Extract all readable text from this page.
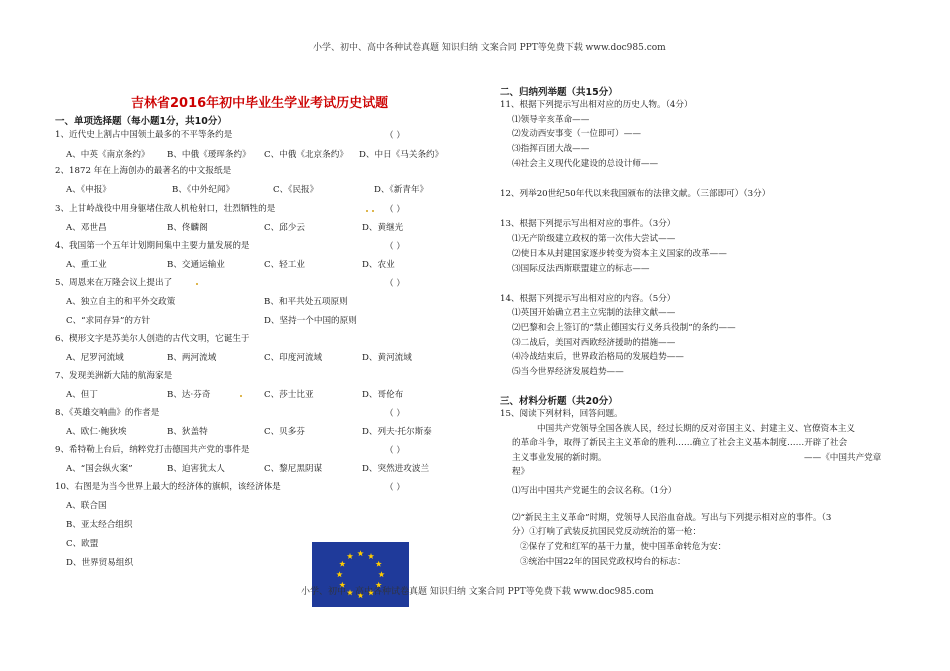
小学、初中、高中各种试卷真题 知识归纳 文案合同 PPT等免费下载 www.doc985.com
吉林省2016年初中毕业生学业考试历史试题
一、单项选择题（每小题1分，共10分）
1、近代史上割占中国领土最多的不平等条约是	（ ）
A、中英《南京条约》 B、中俄《瑷珲条约》 C、中俄《北京条约》 D、中日《马关条约》
2、1872 年在上海创办的最著名的中文报纸是
A、《申报》	B、《中外纪闻》	C、《民报》	D、《新青年》
3、上甘岭战役中用身躯堵住敌人机枪射口，壮烈牺牲的是	（ ）
A、邓世昌	B、佟麟阁	C、邱少云	D、黄继光
4、我国第一个五年计划期间集中主要力量发展的是	（ ）
A、重工业	B、交通运输业	C、轻工业	D、农业
5、周恩来在万隆会议上提出了	（ ）
A、独立自主的和平外交政策	B、和平共处五项原则
C、“求同存异”的方针	D、坚持一个中国的原则
6、楔形文字是苏美尔人创造的古代文明，它诞生于
A、尼罗河流域	B、两河流域	C、印度河流域	D、黄河流域
7、发现美洲新大陆的航海家是
A、但丁	B、达·芬奇	C、莎士比亚	D、哥伦布
8、《英雄交响曲》的作者是	（ ）
A、欧仁·鲍狄埃	B、狄盖特	C、贝多芬	D、列夫·托尔斯泰
9、希特勒上台后，纳粹党打击德国共产党的事件是	（ ）
A、“国会纵火案”	B、迫害犹太人	C、黎尼黑阴谋	D、突然进攻波兰
10、右图是为当今世界上最大的经济体的旗帜，该经济体是	（ ）
A、联合国
B、亚太经合组织
C、欧盟
D、世界贸易组织
小学、初中、高中各种试卷真题 知识归纳 文案合同 PPT等免费下载 www.doc985.com
二、归纳列举题（共15分）
11、根据下列提示写出相对应的历史人物。（4分）
⑴领导辛亥革命——
⑵发动西安事变（一位即可）——
⑶指挥百团大战——
⑷社会主义现代化建设的总设计师——
12、列举20世纪50年代以来我国颁布的法律文献。（三部即可）（3分）
13、根据下列提示写出相对应的事件。（3分）
⑴无产阶级建立政权的第一次伟大尝试——
⑵使日本从封建国家逐步转变为资本主义国家的改革——
⑶国际反法西斯联盟建立的标志——
14、根据下列提示写出相对应的内容。（5分）
⑴英国开始确立君主立宪制的法律文献——
⑵巴黎和会上签订的“禁止德国实行义务兵役制”的条约——
⑶二战后，美国对西欧经济援助的措施——
⑷冷战结束后，世界政治格局的发展趋势——
⑸当今世界经济发展趋势——
三、材料分析题（共20分）
15、阅读下列材料，回答问题。
中国共产党领导全国各族人民，经过长期的反对帝国主义、封建主义、官僚资本主义
的革命斗争，取得了新民主主义革命的胜利……确立了社会主义基本制度……开辟了社会
主义事业发展的新时期。	——《中国共产党章
程》
⑴写出中国共产党诞生的会议名称。（1分）
⑵“新民主主义革命”时期，党领导人民浴血奋战。写出与下列提示相对应的事件。（3
分）①打响了武装反抗国民党反动统治的第一枪：
②保存了党和红军的基干力量，使中国革命转危为安：
③统治中国22年的国民党政权垮台的标志：
